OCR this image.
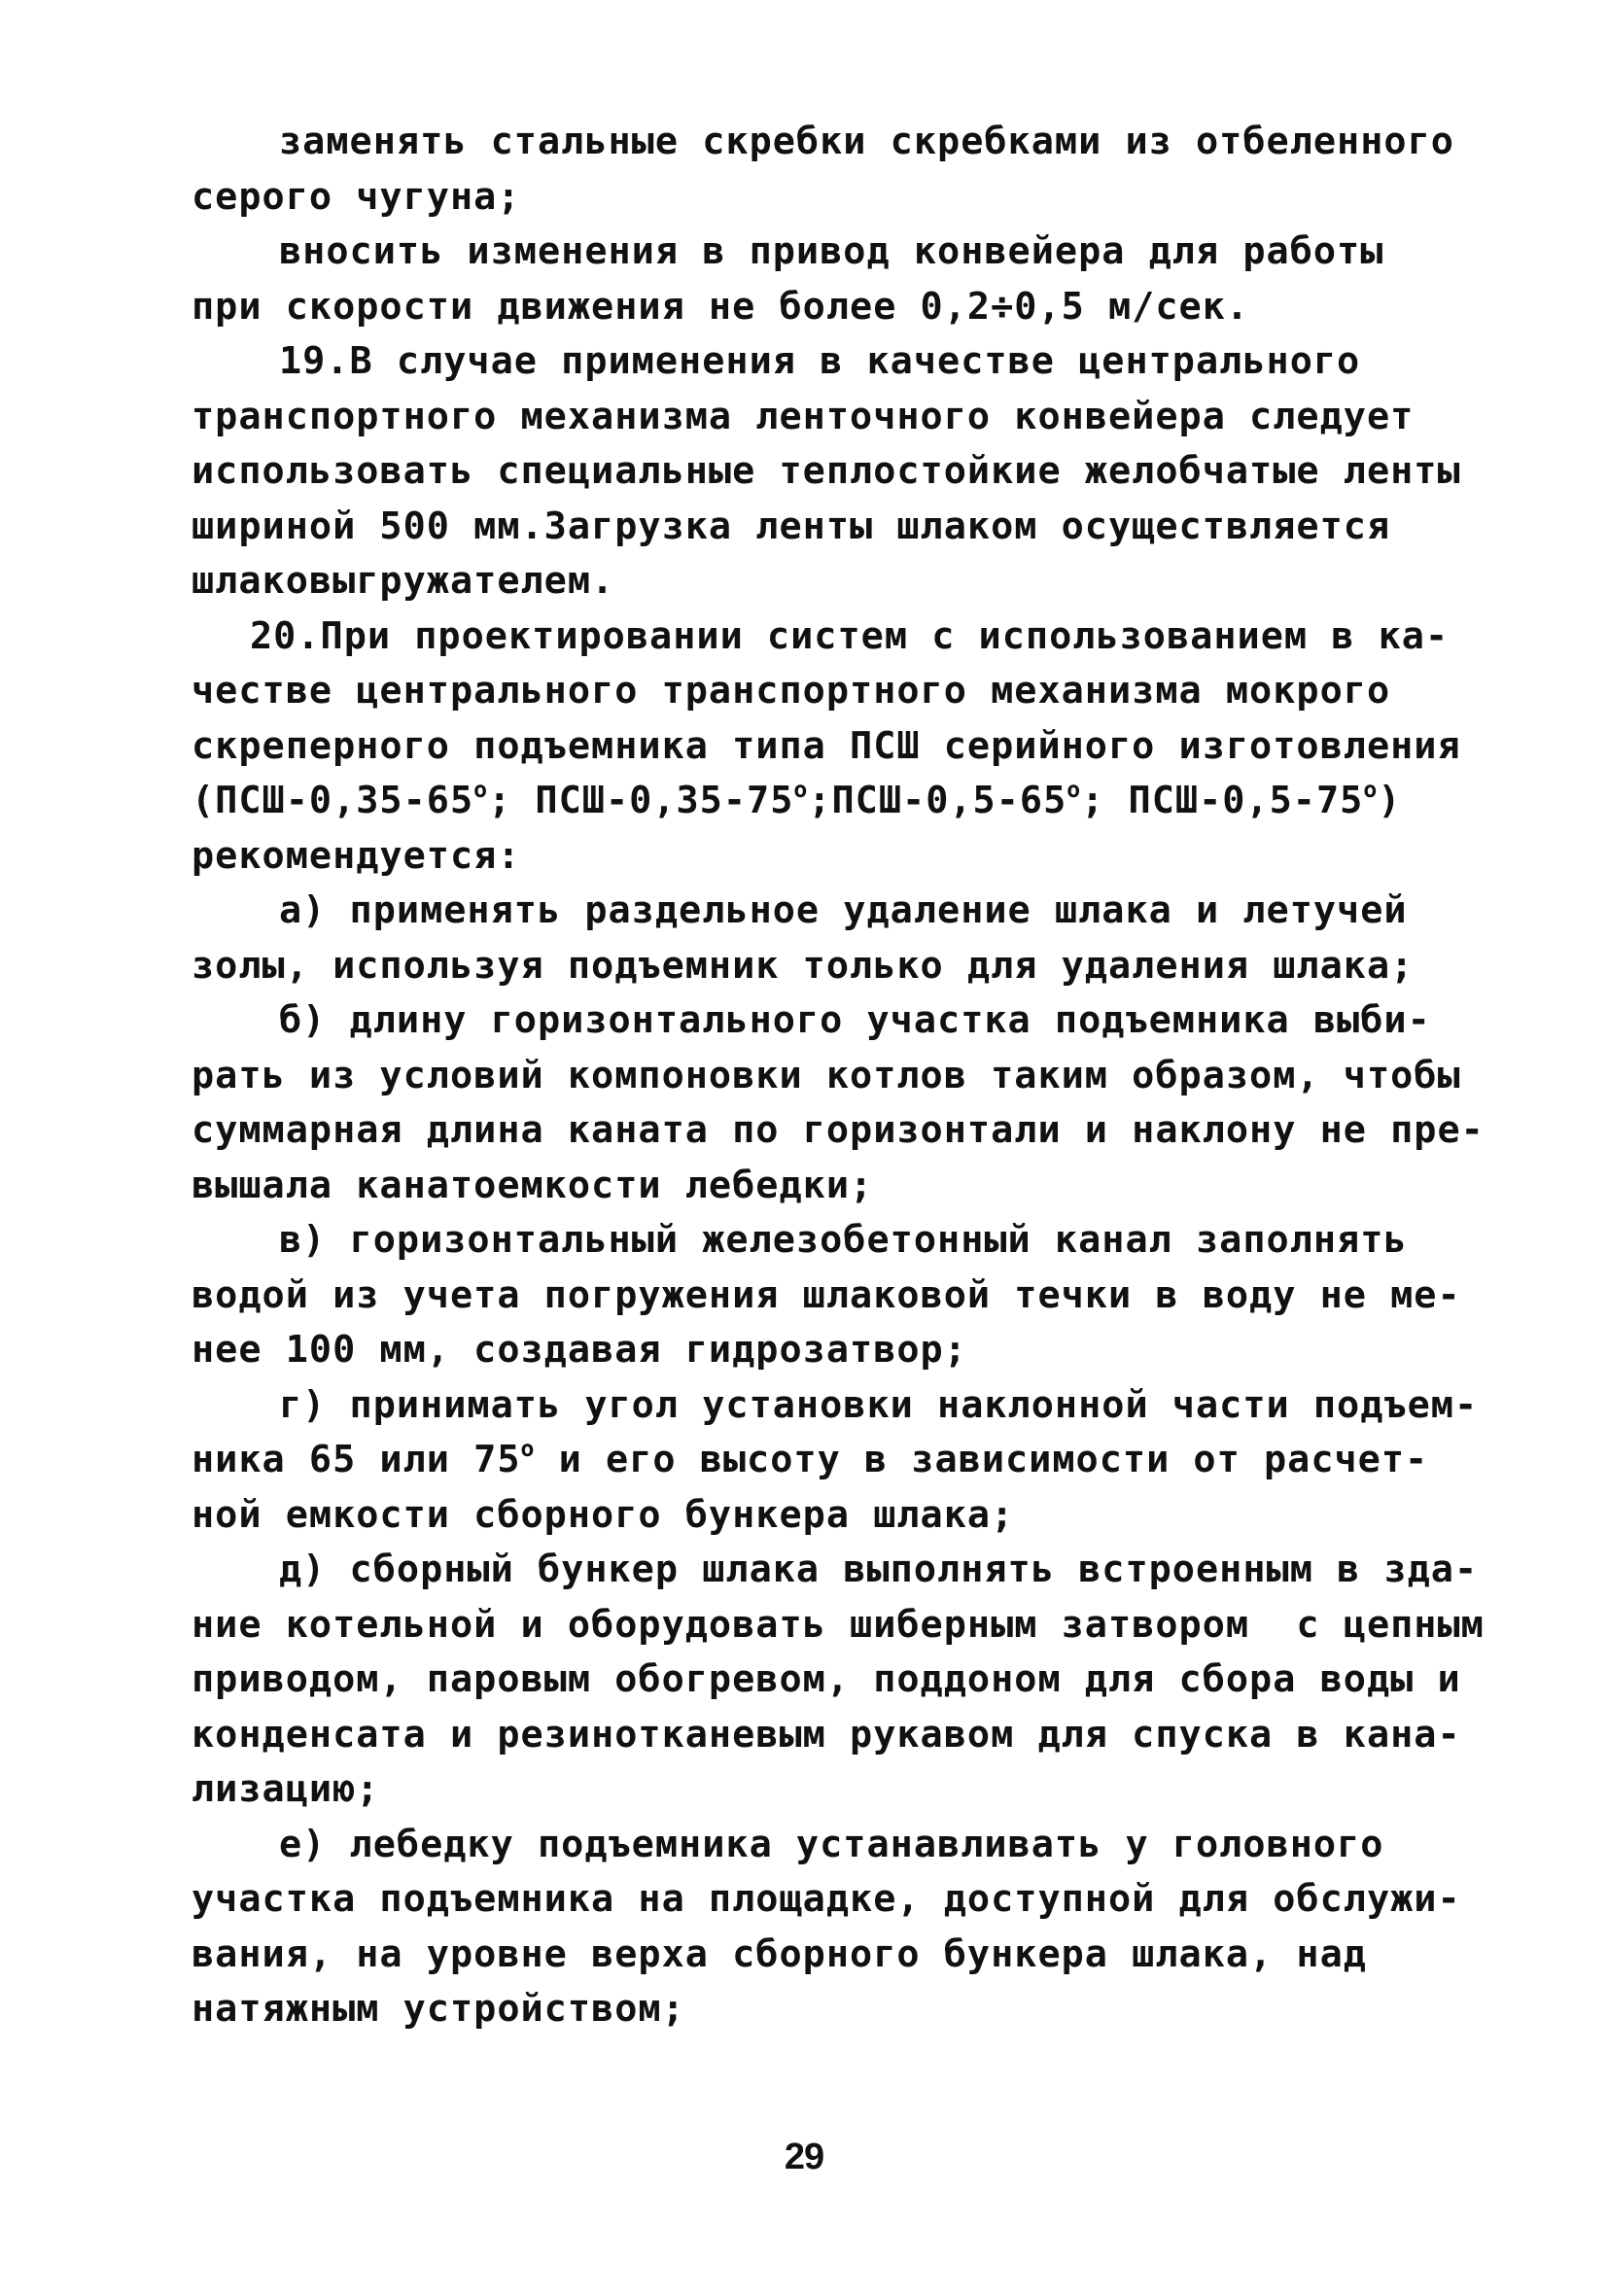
заменять стальные скребки скребками из отбеленного
серого чугуна;
вносить изменения в привод конвейера для работы
при скорости движения не более 0,2÷0,5 м/сек.
19.В случае применения в качестве центрального
транспортного механизма ленточного конвейера следует
использовать специальные теплостойкие желобчатые ленты
шириной 500 мм.Загрузка ленты шлаком осуществляется
шлаковыгружателем.
20.При проектировании систем с использованием в ка-
честве центрального транспортного механизма мокрого
скреперного подъемника типа ПСШ серийного изготовления
($ПСШ-0,35-65^о$; ПСШ-$0,35-75^о;ПСШ-0,5-65^о$; ПСШ-$0,5-75^о$)
рекомендуется:
а) применять раздельное удаление шлака и летучей
золы, используя подъемник только для удаления шлака;
б) длину горизонтального участка подъемника выби-
рать из условий компоновки котлов таким образом, чтобы
суммарная длина каната по горизонтали и наклону не пре-
вышала канатоемкости лебедки;
в) горизонтальный железобетонный канал заполнять
водой из учета погружения шлаковой течки в воду не ме-
нее 100 мм, создавая гидрозатвор;
г) принимать угол установки наклонной части подъем-
ника 65 или $75^о$ и его высоту в зависимости от расчет-
ной емкости сборного бункера шлака;
д) сборный бункер шлака выполнять встроенным в зда-
ние котельной и оборудовать шиберным затвором  с цепным
приводом, паровым обогревом, поддоном для сбора воды и
конденсата и резинотканевым рукавом для спуска в кана-
лизацию;
е) лебедку подъемника устанавливать у головного
участка подъемника на площадке, доступной для обслужи-
вания, на уровне верха сборного бункера шлака, над
натяжным устройством;
29
